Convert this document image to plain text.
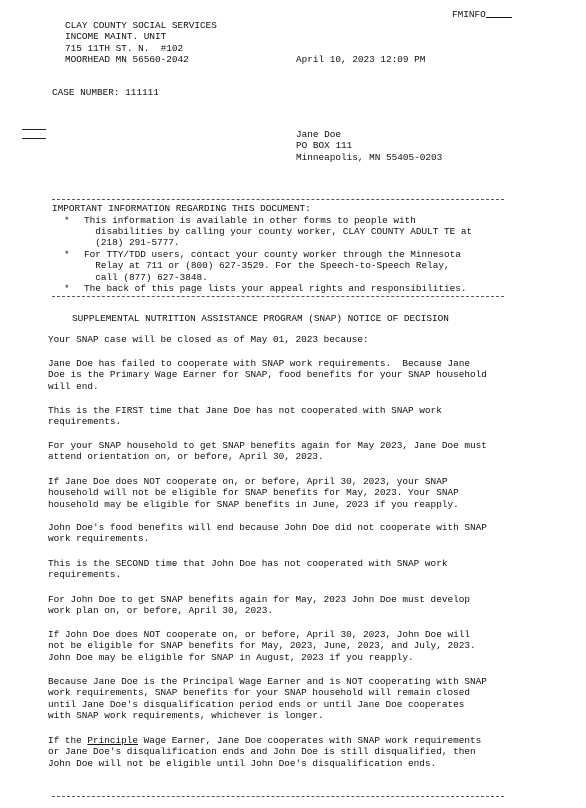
FMINFO
CLAY COUNTY SOCIAL SERVICES
INCOME MAINT. UNIT
715 11TH ST. N.  #102
MOORHEAD MN 56560-2042	April 10, 2023 12:09 PM
CASE NUMBER: 111111
Jane Doe
PO BOX 111
Minneapolis, MN 55405-0203
IMPORTANT INFORMATION REGARDING THIS DOCUMENT:
* This information is available in other forms to people with
disabilities by calling your county worker, CLAY COUNTY ADULT TE at
(218) 291-5777.
* For TTY/TDD users, contact your county worker through the Minnesota
Relay at 711 or (800) 627-3529. For the Speech-to-Speech Relay,
call (877) 627-3848.
* The back of this page lists your appeal rights and responsibilities.
SUPPLEMENTAL NUTRITION ASSISTANCE PROGRAM (SNAP) NOTICE OF DECISION
Your SNAP case will be closed as of May 01, 2023 because:
Jane Doe has failed to cooperate with SNAP work requirements.  Because Jane
Doe is the Primary Wage Earner for SNAP, food benefits for your SNAP household
will end.
This is the FIRST time that Jane Doe has not cooperated with SNAP work
requirements.
For your SNAP household to get SNAP benefits again for May 2023, Jane Doe must
attend orientation on, or before, April 30, 2023.
If Jane Doe does NOT cooperate on, or before, April 30, 2023, your SNAP
household will not be eligible for SNAP benefits for May, 2023. Your SNAP
household may be eligible for SNAP benefits in June, 2023 if you reapply.
John Doe's food benefits will end because John Doe did not cooperate with SNAP
work requirements.
This is the SECOND time that John Doe has not cooperated with SNAP work
requirements.
For John Doe to get SNAP benefits again for May, 2023 John Doe must develop
work plan on, or before, April 30, 2023.
If John Doe does NOT cooperate on, or before, April 30, 2023, John Doe will
not be eligible for SNAP benefits for May, 2023, June, 2023, and July, 2023.
John Doe may be eligible for SNAP in August, 2023 if you reapply.
Because Jane Doe is the Principal Wage Earner and is NOT cooperating with SNAP
work requirements, SNAP benefits for your SNAP household will remain closed
until Jane Doe's disqualification period ends or until Jane Doe cooperates
with SNAP work requirements, whichever is longer.
If the Principle Wage Earner, Jane Doe cooperates with SNAP work requirements
or Jane Doe's disqualification ends and John Doe is still disqualified, then
John Doe will not be eligible until John Doe's disqualification ends.
